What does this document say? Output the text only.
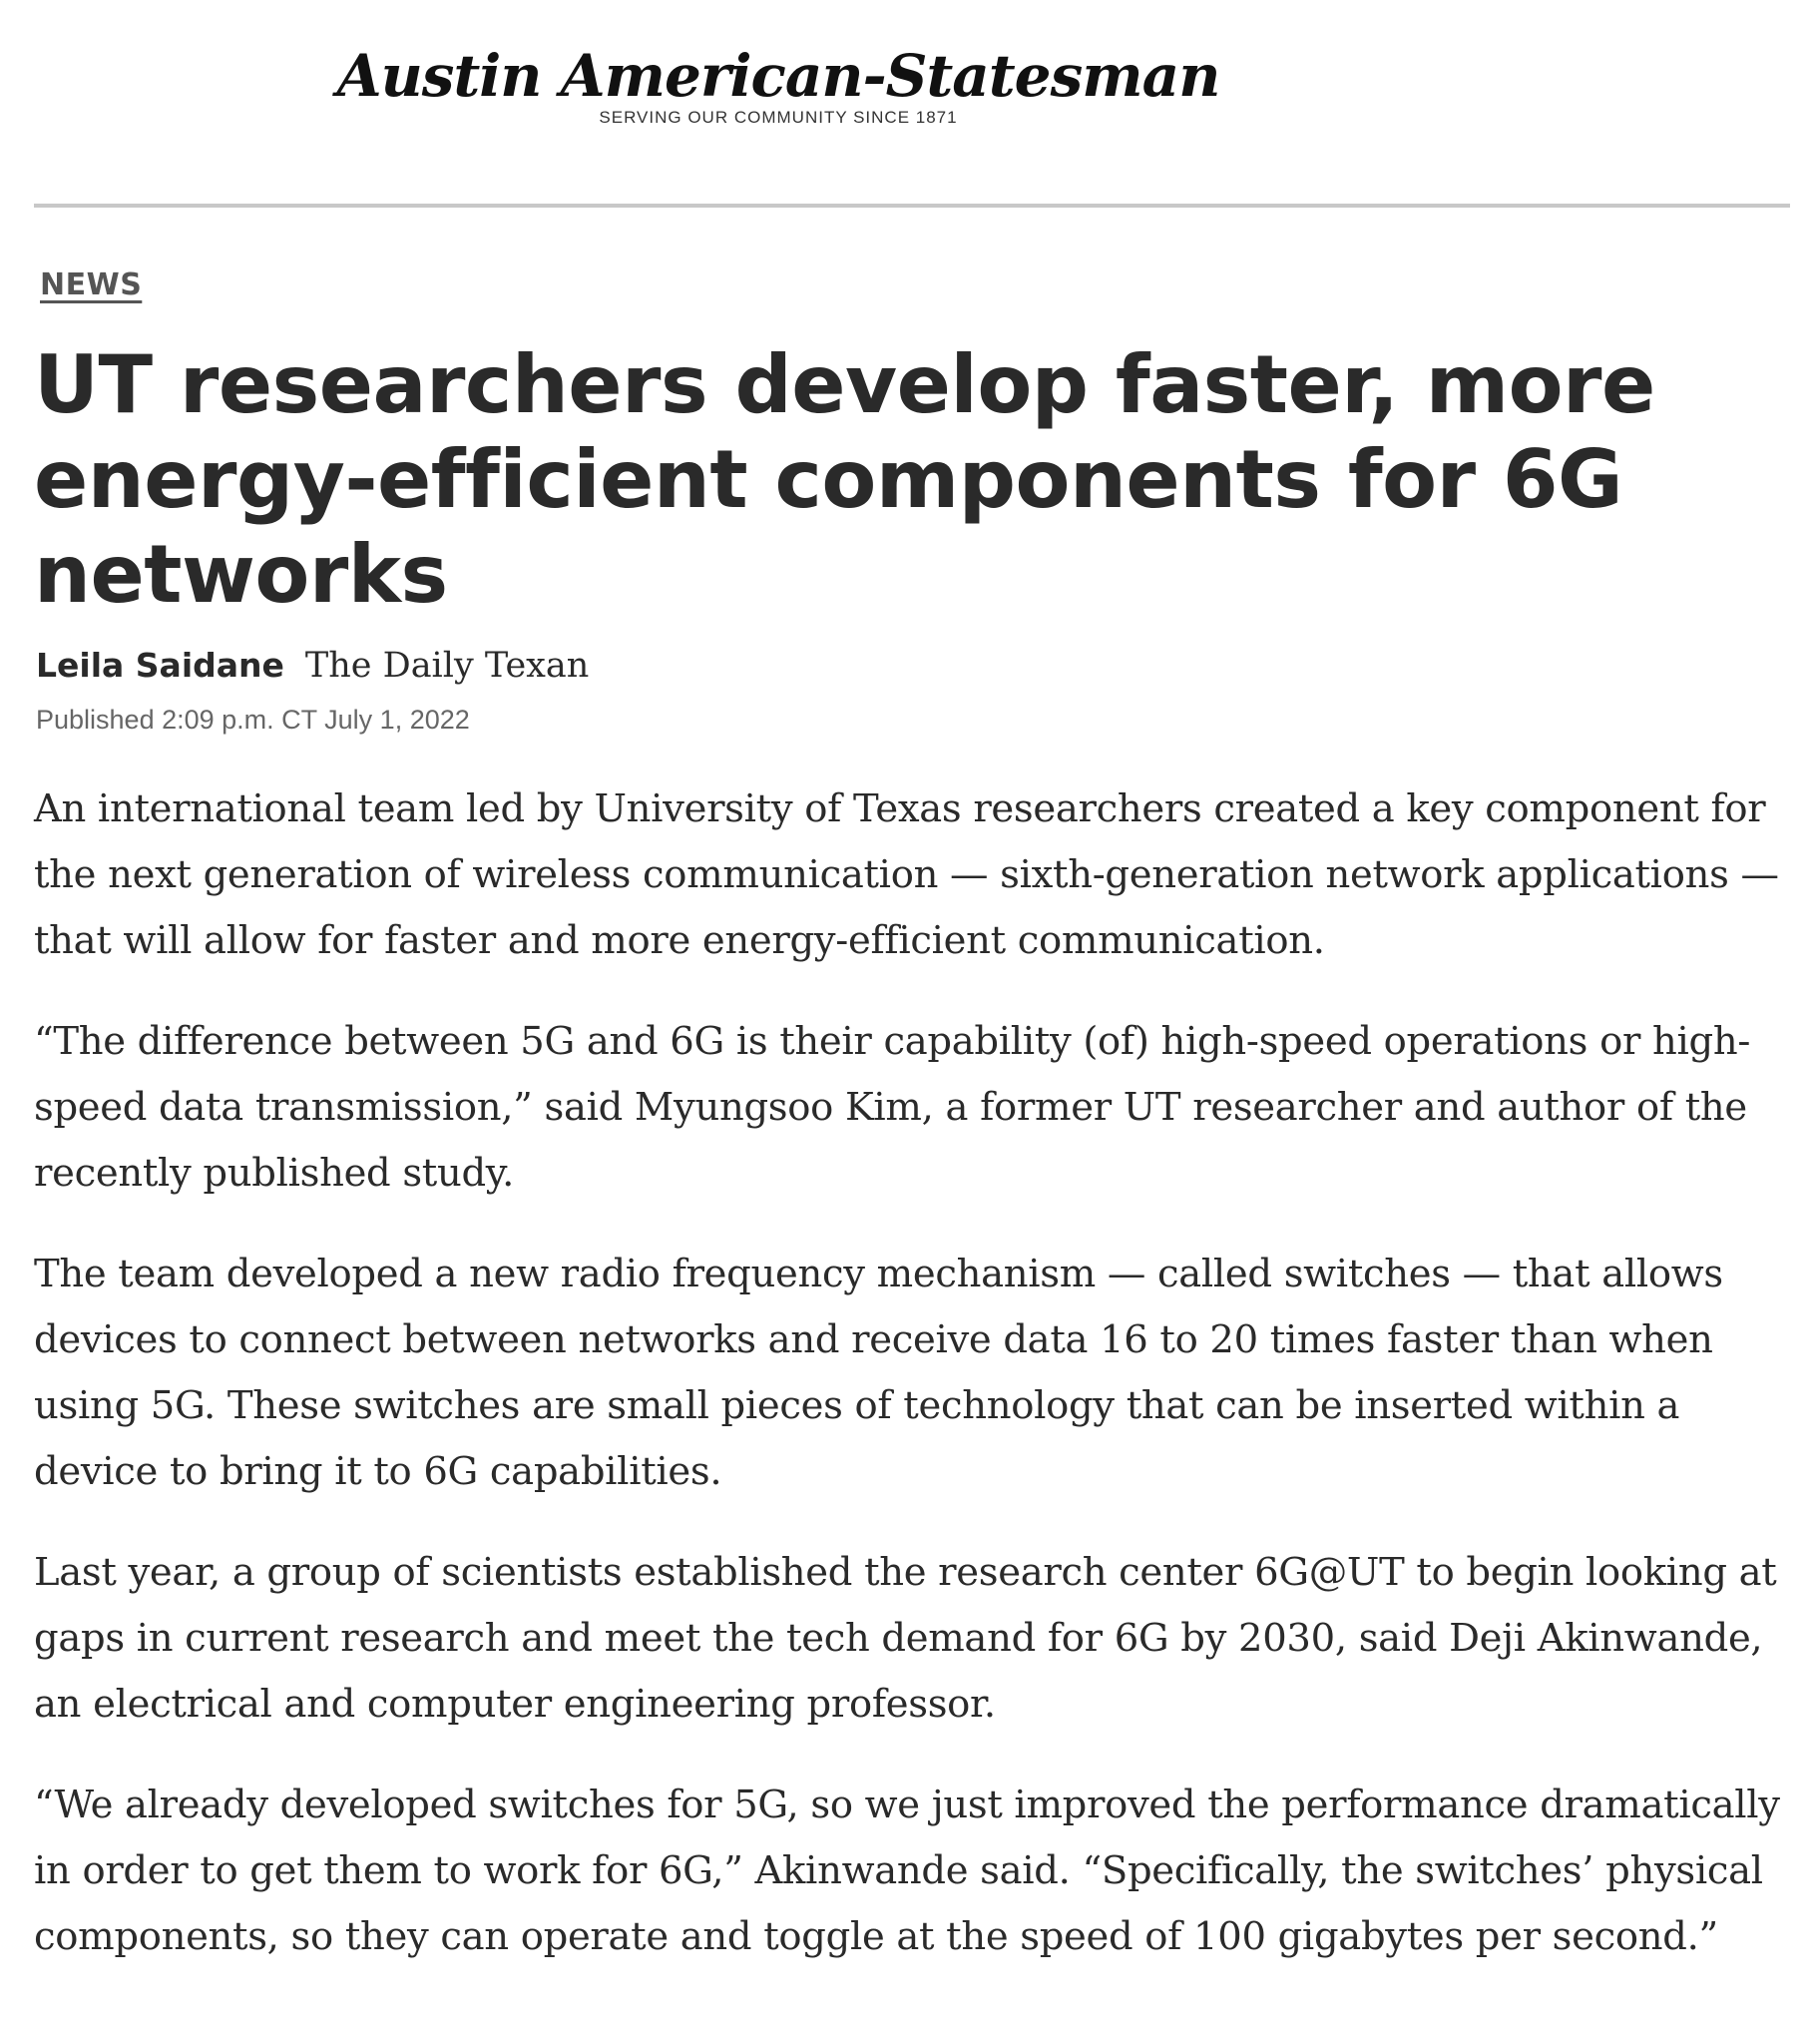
Austin American-Statesman
SERVING OUR COMMUNITY SINCE 1871
NEWS
UT researchers develop faster, more energy-efficient components for 6G networks
Leila Saidane The Daily Texan
Published 2:09 p.m. CT July 1, 2022

An international team led by University of Texas researchers created a key component for the next generation of wireless communication — sixth-generation network applications — that will allow for faster and more energy-efficient communication.

“The difference between 5G and 6G is their capability (of) high-speed operations or high-speed data transmission,” said Myungsoo Kim, a former UT researcher and author of the recently published study.

The team developed a new radio frequency mechanism — called switches — that allows devices to connect between networks and receive data 16 to 20 times faster than when using 5G. These switches are small pieces of technology that can be inserted within a device to bring it to 6G capabilities.

Last year, a group of scientists established the research center 6G@UT to begin looking at gaps in current research and meet the tech demand for 6G by 2030, said Deji Akinwande, an electrical and computer engineering professor.

“We already developed switches for 5G, so we just improved the performance dramatically in order to get them to work for 6G,” Akinwande said. “Specifically, the switches’ physical components, so they can operate and toggle at the speed of 100 gigabytes per second.”
